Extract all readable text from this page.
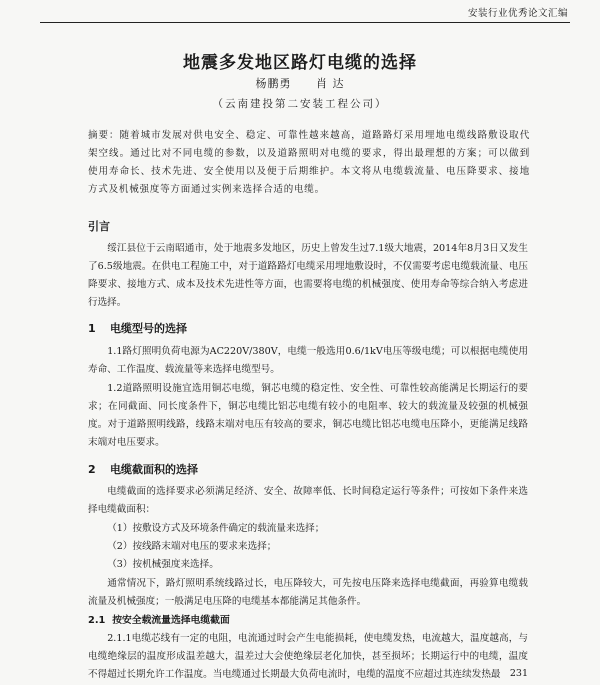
安装行业优秀论文汇编
地震多发地区路灯电缆的选择
杨鹏勇 肖 达
（云南建投第二安装工程公司）
摘要：随着城市发展对供电安全、稳定、可靠性越来越高，道路路灯采用埋地电缆线路敷设取代架空线。通过比对不同电缆的参数，以及道路照明对电缆的要求，得出最理想的方案；可以做到使用寿命长、技术先进、安全使用以及便于后期维护。本文将从电缆载流量、电压降要求、接地方式及机械强度等方面通过实例来选择合适的电缆。
引言
绥江县位于云南昭通市，处于地震多发地区，历史上曾发生过7.1级大地震，2014年8月3日又发生了6.5级地震。在供电工程施工中，对于道路路灯电缆采用埋地敷设时，不仅需要考虑电缆载流量、电压降要求、接地方式、成本及技术先进性等方面，也需要将电缆的机械强度、使用寿命等综合纳入考虑进行选择。
1 电缆型号的选择
1.1路灯照明负荷电源为AC220V/380V，电缆一般选用0.6/1kV电压等级电缆；可以根据电缆使用寿命、工作温度、载流量等来选择电缆型号。
1.2道路照明设施宜选用铜芯电缆，铜芯电缆的稳定性、安全性、可靠性较高能满足长期运行的要求；在同截面、同长度条件下，铜芯电缆比铝芯电缆有较小的电阻率、较大的载流量及较强的机械强度。对于道路照明线路，线路末端对电压有较高的要求，铜芯电缆比铝芯电缆电压降小，更能满足线路末端对电压要求。
2 电缆截面积的选择
电缆截面的选择要求必须满足经济、安全、故障率低、长时间稳定运行等条件；可按如下条件来选择电缆截面积：
（1）按敷设方式及环境条件确定的载流量来选择；
（2）按线路末端对电压的要求来选择；
（3）按机械强度来选择。
通常情况下，路灯照明系统线路过长，电压降较大，可先按电压降来选择电缆截面，再验算电缆载流量及机械强度；一般满足电压降的电缆基本都能满足其他条件。
2.1 按安全载流量选择电缆截面
2.1.1电缆芯线有一定的电阻，电流通过时会产生电能损耗，使电缆发热，电流越大，温度越高，与电缆绝缘层的温度形成温差越大，温差过大会使绝缘层老化加快，甚至损坏；长期运行中的电缆，温度不得超过长期允许工作温度。当电缆通过长期最大负荷电流时，电缆的温度不应超过其连续发热最 231
